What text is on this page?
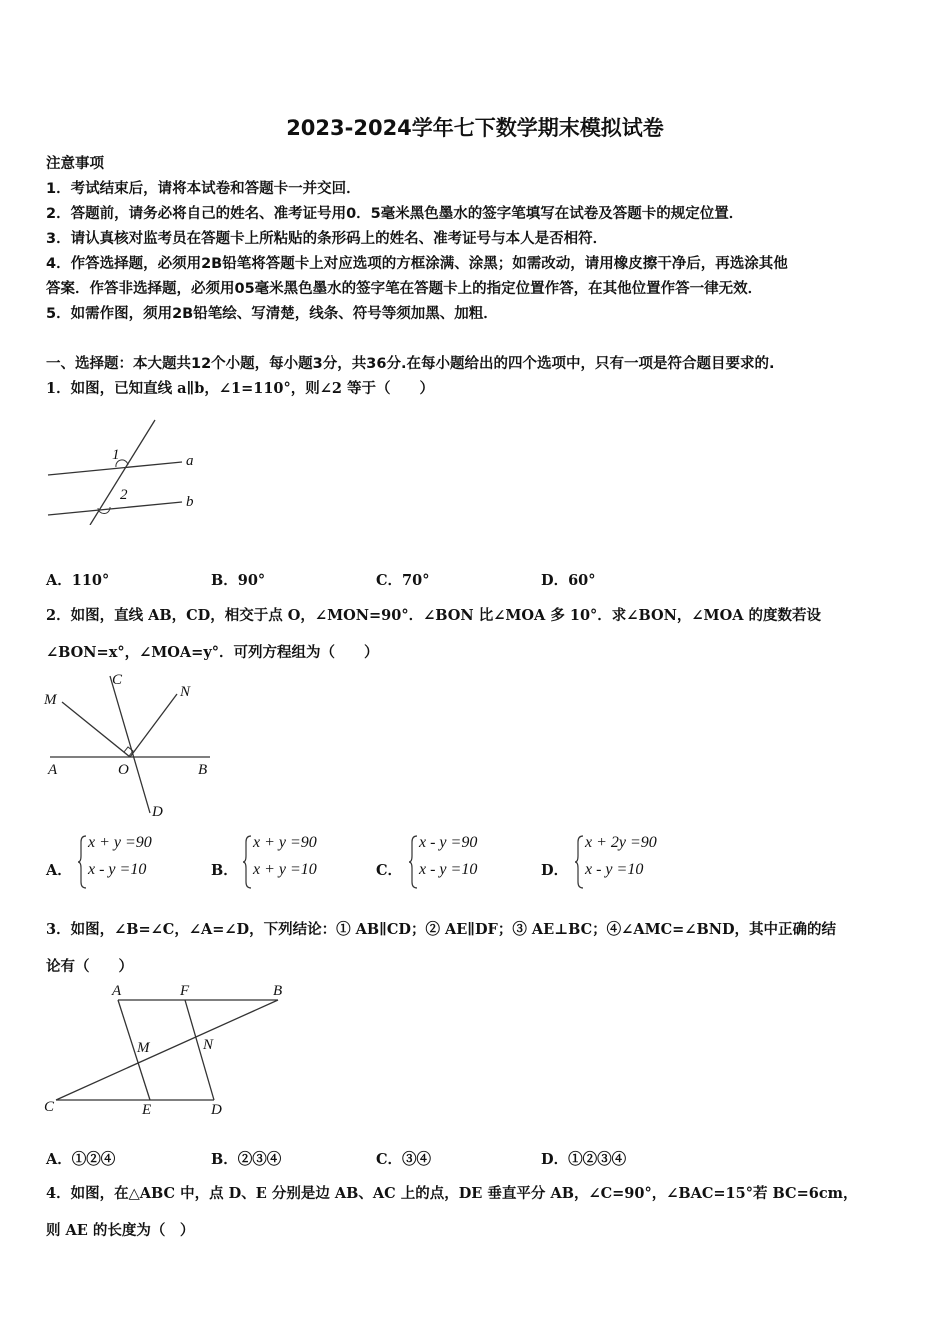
2023-2024学年七下数学期末模拟试卷
注意事项
1．考试结束后，请将本试卷和答题卡一并交回．
2．答题前，请务必将自己的姓名、准考证号用0．5毫米黑色墨水的签字笔填写在试卷及答题卡的规定位置．
3．请认真核对监考员在答题卡上所粘贴的条形码上的姓名、准考证号与本人是否相符．
4．作答选择题，必须用2B铅笔将答题卡上对应选项的方框涂满、涂黑；如需改动，请用橡皮擦干净后，再选涂其他
答案．作答非选择题，必须用05毫米黑色墨水的签字笔在答题卡上的指定位置作答，在其他位置作答一律无效．
5．如需作图，须用2B铅笔绘、写清楚，线条、符号等须加黑、加粗．
一、选择题：本大题共12个小题，每小题3分，共36分.在每小题给出的四个选项中，只有一项是符合题目要求的.
1．如图，已知直线 a∥b，∠1=110°，则∠2 等于（　　）
1
2
a
b
A．110°	B．90°	C．70°	D．60°
2．如图，直线 AB，CD，相交于点 O，∠MON=90°．∠BON 比∠MOA 多 10°．求∠BON，∠MOA 的度数若设
∠BON=x°，∠MOA=y°．可列方程组为（　　）
M
C
N
A	O	B
D
A．
x + y =90
x - y =10	B．
x + y =90
x + y =10	C．
x - y =90
x - y =10	D．
x + 2y =90
x - y =10
3．如图，∠B=∠C，∠A=∠D，下列结论：① AB∥CD；② AE∥DF；③ AE⊥BC；④∠AMC=∠BND，其中正确的结
论有（　　）
A	F	B
M	N
C	E	D
A．①②④	B．②③④	C．③④	D．①②③④
4．如图，在△ABC 中，点 D、E 分别是边 AB、AC 上的点，DE 垂直平分 AB，∠C=90°，∠BAC=15°若 BC=6cm，
则 AE 的长度为（　）
